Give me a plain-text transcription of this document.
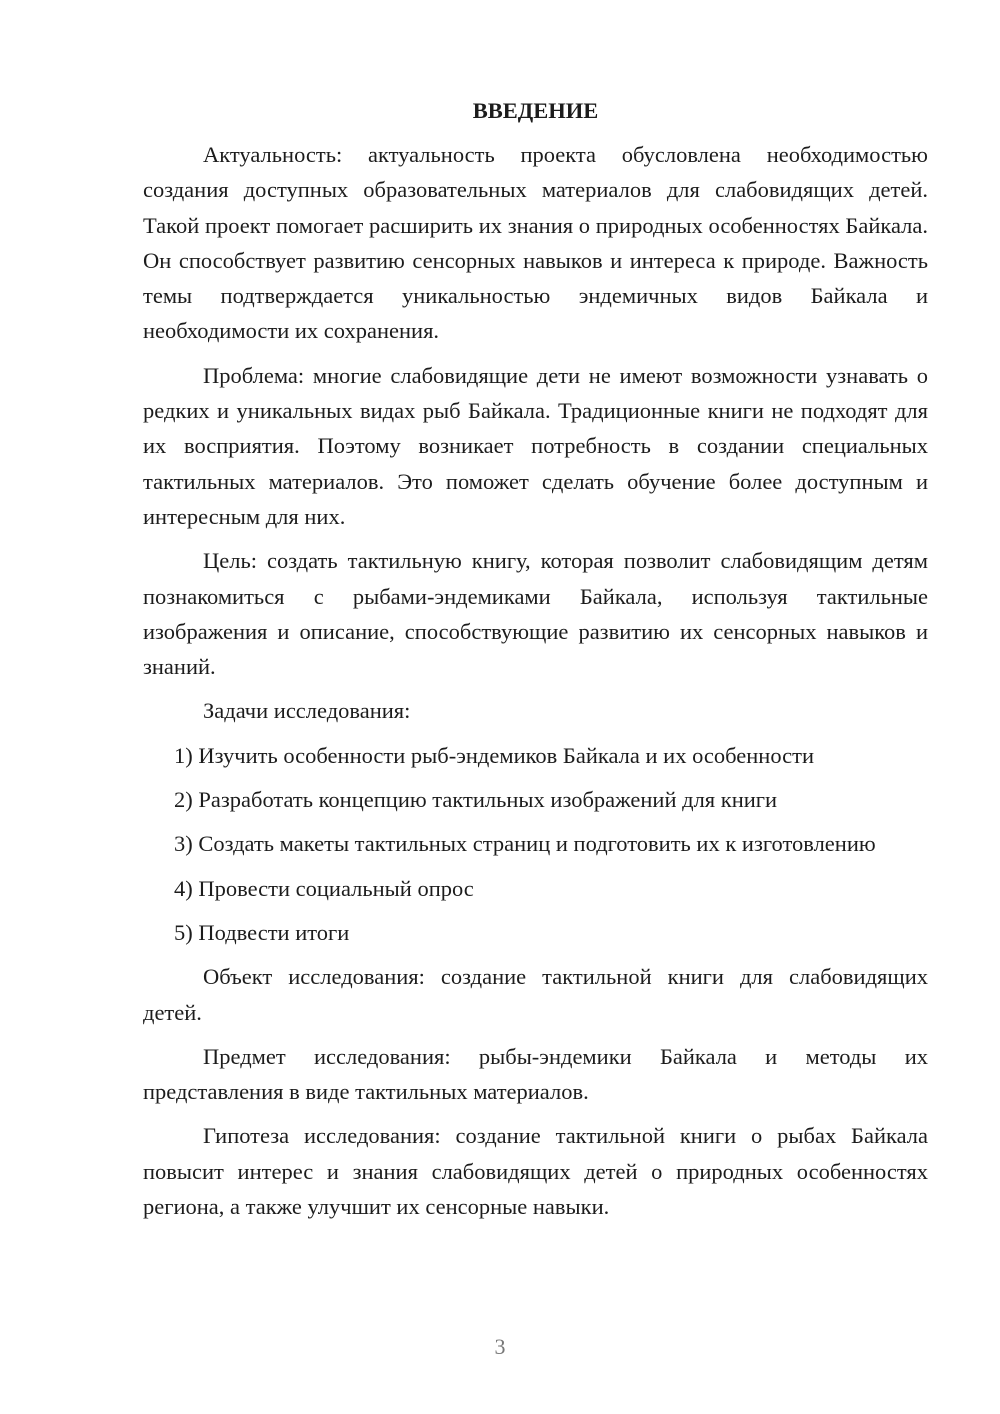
ВВЕДЕНИЕ

Актуальность: актуальность проекта обусловлена необходимостью создания доступных образовательных материалов для слабовидящих детей. Такой проект помогает расширить их знания о природных особенностях Байкала. Он способствует развитию сенсорных навыков и интереса к природе. Важность темы подтверждается уникальностью эндемичных видов Байкала и необходимости их сохранения.

Проблема: многие слабовидящие дети не имеют возможности узнавать о редких и уникальных видах рыб Байкала. Традиционные книги не подходят для их восприятия. Поэтому возникает потребность в создании специальных тактильных материалов. Это поможет сделать обучение более доступным и интересным для них.

Цель: создать тактильную книгу, которая позволит слабовидящим детям познакомиться с рыбами-эндемиками Байкала, используя тактильные изображения и описание, способствующие развитию их сенсорных навыков и знаний.

Задачи исследования:

1) Изучить особенности рыб-эндемиков Байкала и их особенности

2) Разработать концепцию тактильных изображений для книги

3) Создать макеты тактильных страниц и подготовить их к изготовлению

4) Провести социальный опрос

5) Подвести итоги

Объект исследования: создание тактильной книги для слабовидящих детей.

Предмет исследования: рыбы-эндемики Байкала и методы их представления в виде тактильных материалов.

Гипотеза исследования: создание тактильной книги о рыбах Байкала повысит интерес и знания слабовидящих детей о природных особенностях региона, а также улучшит их сенсорные навыки.

3
